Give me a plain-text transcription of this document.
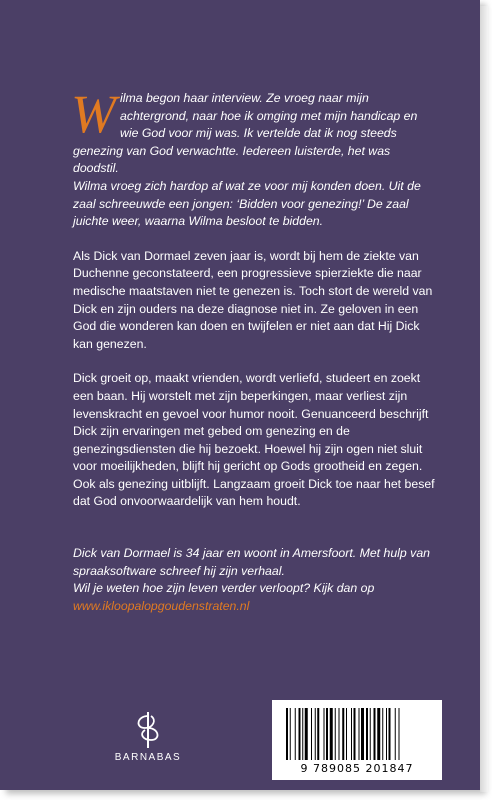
Wilma begon haar interview. Ze vroeg naar mijn achtergrond, naar hoe ik omging met mijn handicap en wie God voor mij was. Ik vertelde dat ik nog steeds genezing van God verwachtte. Iedereen luisterde, het was doodstil.
Wilma vroeg zich hardop af wat ze voor mij konden doen. Uit de zaal schreeuwde een jongen: ‘Bidden voor genezing!’ De zaal juichte weer, waarna Wilma besloot te bidden.

Als Dick van Dormael zeven jaar is, wordt bij hem de ziekte van Duchenne geconstateerd, een progressieve spierziekte die naar medische maatstaven niet te genezen is. Toch stort de wereld van Dick en zijn ouders na deze diagnose niet in. Ze geloven in een God die wonderen kan doen en twijfelen er niet aan dat Hij Dick kan genezen.

Dick groeit op, maakt vrienden, wordt verliefd, studeert en zoekt een baan. Hij worstelt met zijn beperkingen, maar verliest zijn levenskracht en gevoel voor humor nooit. Genuanceerd beschrijft Dick zijn ervaringen met gebed om genezing en de genezingsdiensten die hij bezoekt. Hoewel hij zijn ogen niet sluit voor moeilijkheden, blijft hij gericht op Gods grootheid en zegen. Ook als genezing uitblijft. Langzaam groeit Dick toe naar het besef dat God onvoorwaardelijk van hem houdt.

Dick van Dormael is 34 jaar en woont in Amersfoort. Met hulp van spraaksoftware schreef hij zijn verhaal.
Wil je weten hoe zijn leven verder verloopt? Kijk dan op
www.ikloopalopgoudenstraten.nl

BARNABAS
9 789085 201847
